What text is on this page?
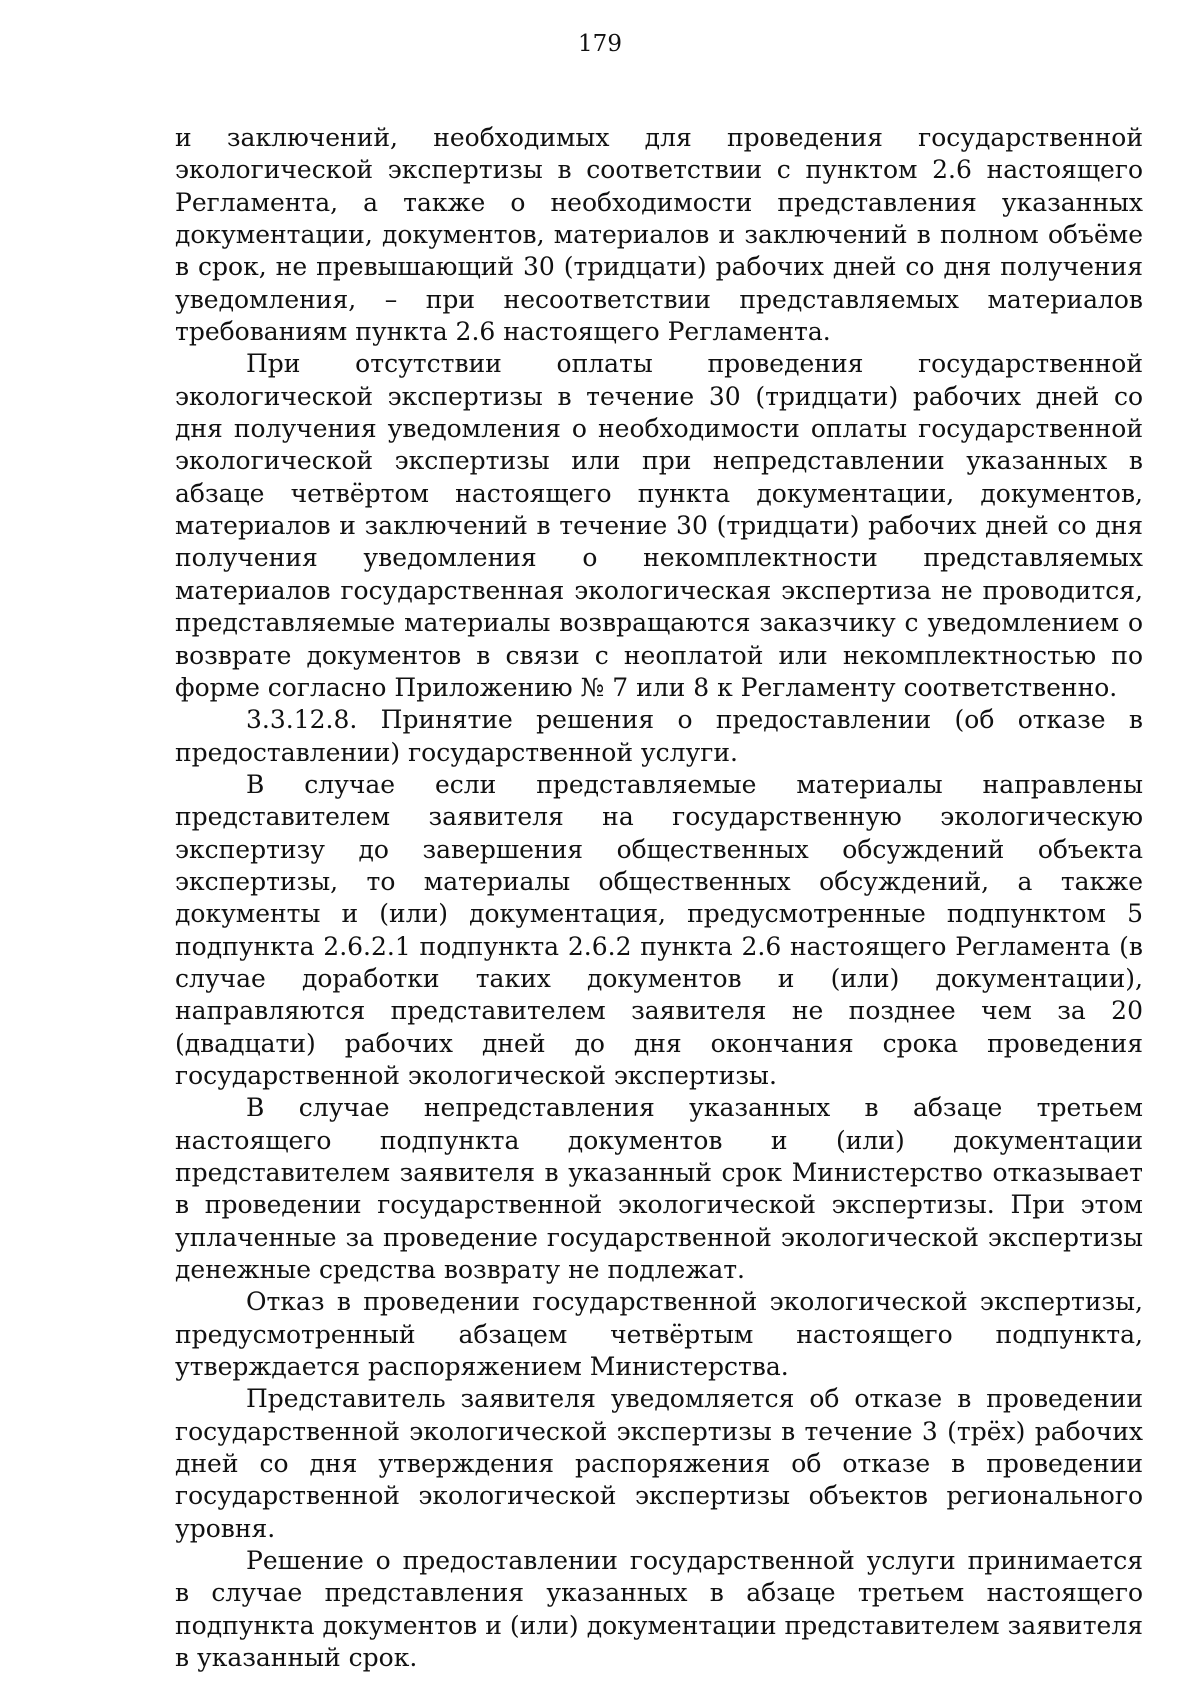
179

и заключений, необходимых для проведения государственной экологической экспертизы в соответствии с пунктом 2.6 настоящего Регламента, а также о необходимости представления указанных документации, документов, материалов и заключений в полном объёме в срок, не превышающий 30 (тридцати) рабочих дней со дня получения уведомления, – при несоответствии представляемых материалов требованиям пункта 2.6 настоящего Регламента.

При отсутствии оплаты проведения государственной экологической экспертизы в течение 30 (тридцати) рабочих дней со дня получения уведомления о необходимости оплаты государственной экологической экспертизы или при непредставлении указанных в абзаце четвёртом настоящего пункта документации, документов, материалов и заключений в течение 30 (тридцати) рабочих дней со дня получения уведомления о некомплектности представляемых материалов государственная экологическая экспертиза не проводится, представляемые материалы возвращаются заказчику с уведомлением о возврате документов в связи с неоплатой или некомплектностью по форме согласно Приложению № 7 или 8 к Регламенту соответственно.

3.3.12.8. Принятие решения о предоставлении (об отказе в предоставлении) государственной услуги.

В случае если представляемые материалы направлены представителем заявителя на государственную экологическую экспертизу до завершения общественных обсуждений объекта экспертизы, то материалы общественных обсуждений, а также документы и (или) документация, предусмотренные подпунктом 5 подпункта 2.6.2.1 подпункта 2.6.2 пункта 2.6 настоящего Регламента (в случае доработки таких документов и (или) документации), направляются представителем заявителя не позднее чем за 20 (двадцати) рабочих дней до дня окончания срока проведения государственной экологической экспертизы.

В случае непредставления указанных в абзаце третьем настоящего подпункта документов и (или) документации представителем заявителя в указанный срок Министерство отказывает в проведении государственной экологической экспертизы. При этом уплаченные за проведение государственной экологической экспертизы денежные средства возврату не подлежат.

Отказ в проведении государственной экологической экспертизы, предусмотренный абзацем четвёртым настоящего подпункта, утверждается распоряжением Министерства.

Представитель заявителя уведомляется об отказе в проведении государственной экологической экспертизы в течение 3 (трёх) рабочих дней со дня утверждения распоряжения об отказе в проведении государственной экологической экспертизы объектов регионального уровня.

Решение о предоставлении государственной услуги принимается в случае представления указанных в абзаце третьем настоящего подпункта документов и (или) документации представителем заявителя в указанный срок.
